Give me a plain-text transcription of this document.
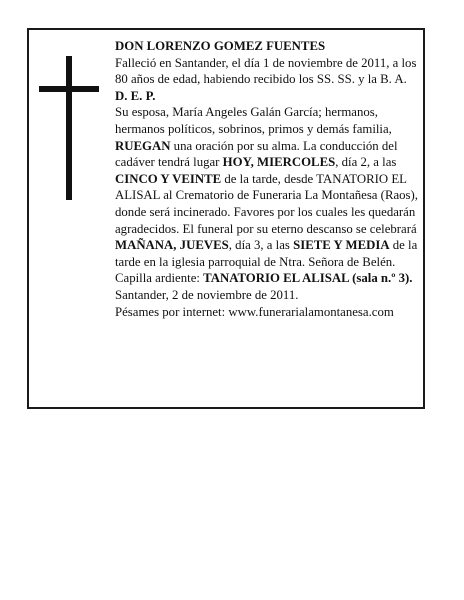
DON LORENZO GOMEZ FUENTES

Falleció en Santander, el día 1 de noviembre de 2011, a los 80 años de edad, habiendo recibido los SS. SS. y la B. A.

D. E. P.

Su esposa, María Angeles Galán García; hermanos, hermanos políticos, sobrinos, primos y demás familia, RUEGAN una oración por su alma. La conducción del cadáver tendrá lugar HOY, MIERCOLES, día 2, a las CINCO Y VEINTE de la tarde, desde TANATORIO EL ALISAL al Crematorio de Funeraria La Montañesa (Raos), donde será incinerado. Favores por los cuales les quedarán agradecidos. El funeral por su eterno descanso se celebrará MAÑANA, JUEVES, día 3, a las SIETE Y MEDIA de la tarde en la iglesia parroquial de Ntra. Señora de Belén. Capilla ardiente: TANATORIO EL ALISAL (sala n.º 3).

Santander, 2 de noviembre de 2011.

Pésames por internet: www.funerarialamontanesa.com
